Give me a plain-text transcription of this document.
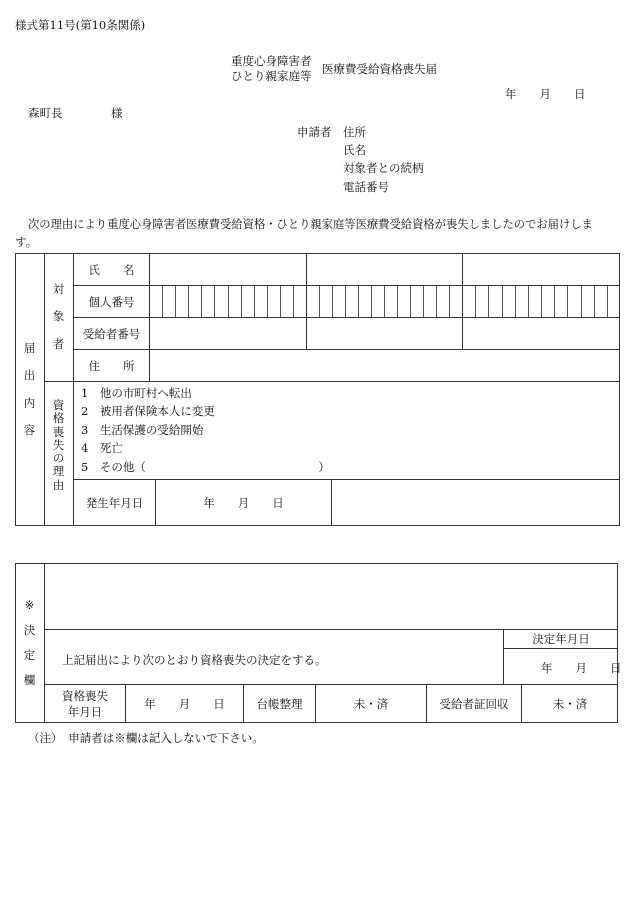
様式第11号(第10条関係)
重度心身障害者
ひとり親家庭等 医療費受給資格喪失届
年　　月　　日
森町長	様
申請者 住所
氏名
対象者との続柄
電話番号
次の理由により重度心身障害者医療費受給資格・ひとり親家庭等医療費受給資格が喪失しましたのでお届けしま
す。
届
出
内
容
対
象
者
資
格
喪
失
の
理
由
氏　　名
個人番号
受給者番号
住　　所
1　他の市町村へ転出
2　被用者保険本人に変更
3　生活保護の受給開始
4　死亡
5　その他（　　　　　　　　　　　　　　　）
発生年月日	年　　月　　日
※
決
定
欄
上記届出により次のとおり資格喪失の決定をする。
決定年月日
年　　月　　日
資格喪失
年月日
年　　月　　日	台帳整理	未・済	受給者証回収	未・済
（注）　申請者は※欄は記入しないで下さい。
